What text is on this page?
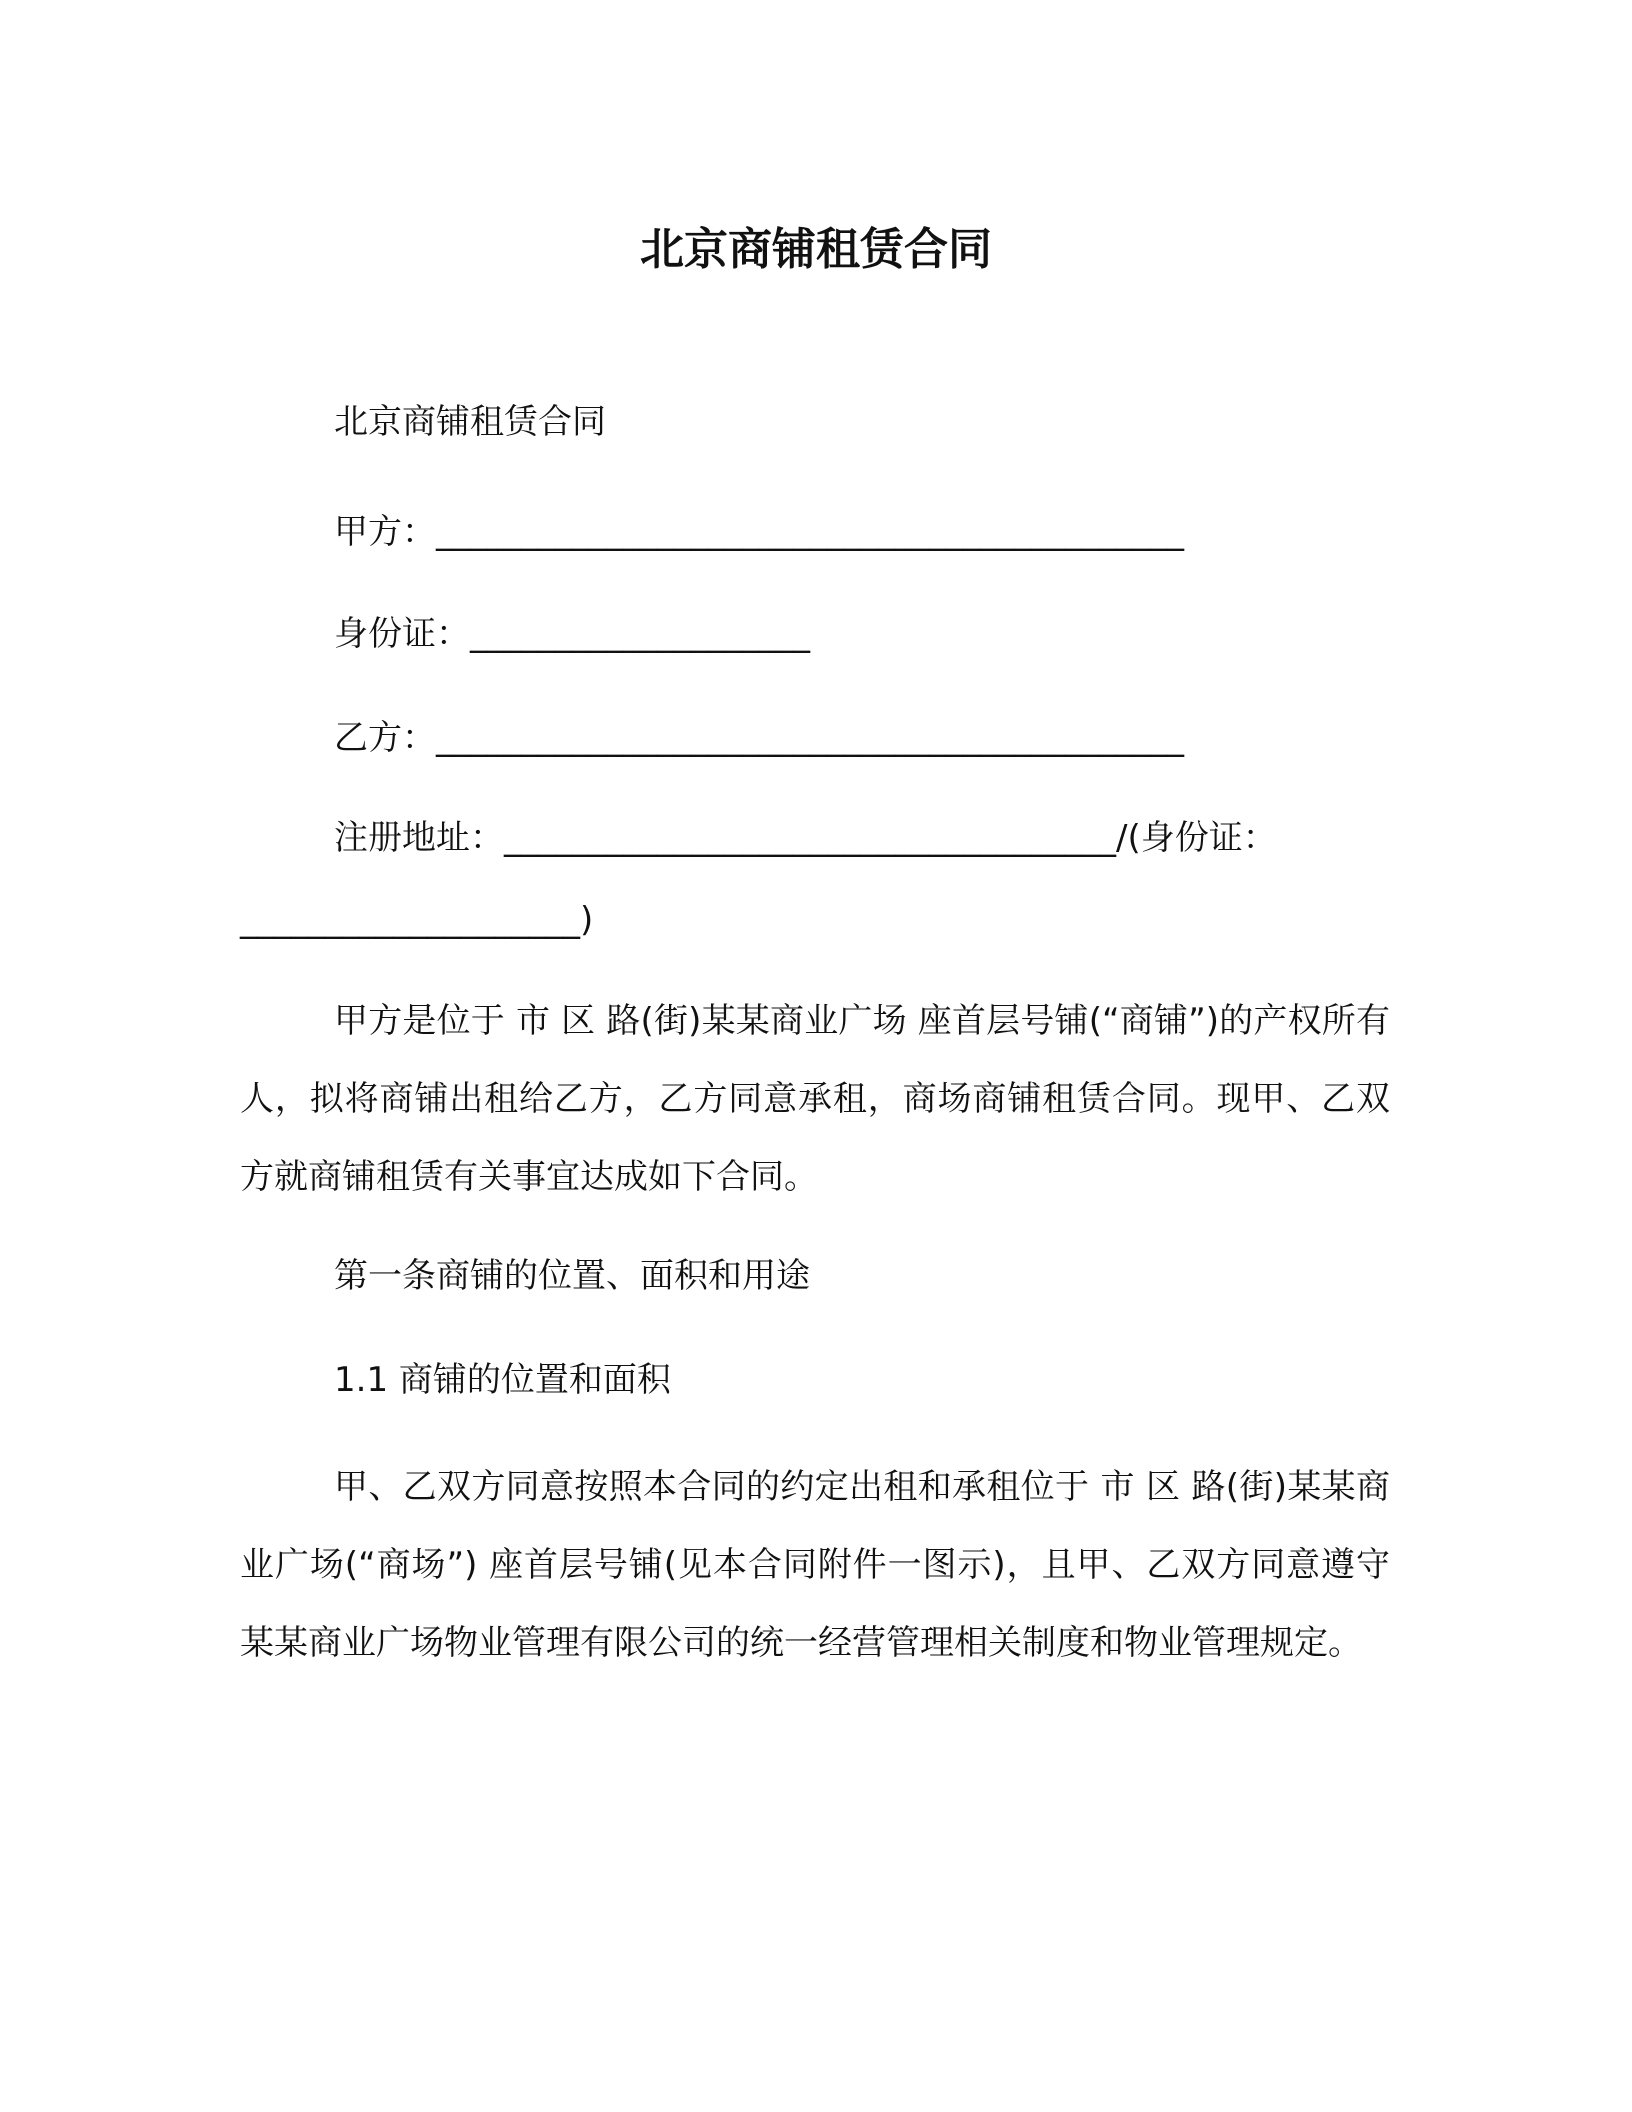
北京商铺租赁合同
北京商铺租赁合同
甲方：____________________________________________
身份证：____________________
乙方：____________________________________________
注册地址：____________________________________/(身份证：
____________________)
甲方是位于 市 区 路(街)某某商业广场 座首层号铺(“商铺”)的产权所有人，拟将商铺出租给乙方，乙方同意承租，商场商铺租赁合同。现甲、乙双方就商铺租赁有关事宜达成如下合同。
第一条商铺的位置、面积和用途
1.1 商铺的位置和面积
甲、乙双方同意按照本合同的约定出租和承租位于 市 区 路(街)某某商业广场(“商场”) 座首层号铺(见本合同附件一图示)，且甲、乙双方同意遵守某某商业广场物业管理有限公司的统一经营管理相关制度和物业管理规定。
